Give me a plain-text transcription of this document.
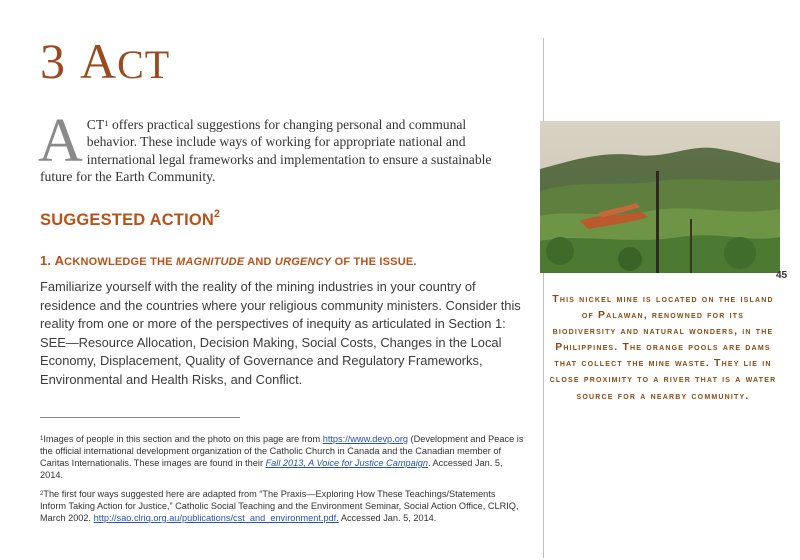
3 ACT

ACT$^1$ offers practical suggestions for changing personal and communal behavior. These include ways of working for appropriate national and international legal frameworks and implementation to ensure a sustainable future for the Earth Community.

SUGGESTED ACTION$^2$
1. ACKNOWLEDGE THE MAGNITUDE AND URGENCY OF THE ISSUE.

Familiarize yourself with the reality of the mining industries in your country of residence and the countries where your religious community ministers. Consider this reality from one or more of the perspectives of inequity as articulated in Section 1: SEE—Resource Allocation, Decision Making, Social Costs, Changes in the Local Economy, Displacement, Quality of Governance and Regulatory Frameworks, Environmental and Health Risks, and Conflict.

$^1$Images of people in this section and the photo on this page are from https://www.devp.org (Development and Peace is the official international development organization of the Catholic Church in Canada and the Canadian member of Caritas Internationalis. These images are found in their Fall 2013, A Voice for Justice Campaign. Accessed Jan. 5, 2014.

$^2$The first four ways suggested here are adapted from “The Praxis—Exploring How These Teachings/Statements Inform Taking Action for Justice,” Catholic Social Teaching and the Environment Seminar, Social Action Office, CLRIQ, March 2002. http://sao.clriq.org.au/publications/cst_and_environment.pdf. Accessed Jan. 5, 2014.

45

This nickel mine is located on the island of Palawan, renowned for its biodiversity and natural wonders, in the Philippines. The orange pools are dams that collect the mine waste. They lie in close proximity to a river that is a water source for a nearby community.
